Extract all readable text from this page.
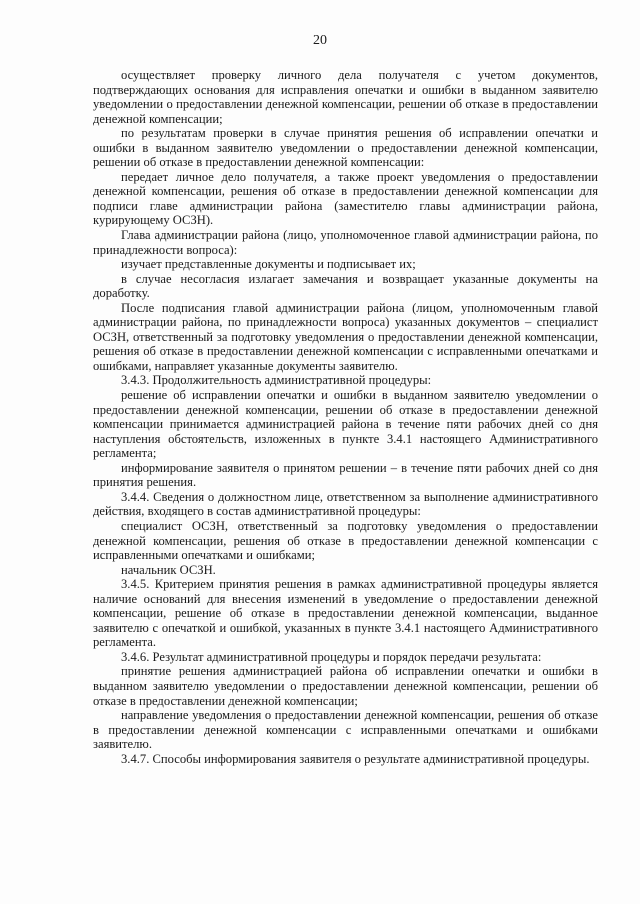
20

осуществляет проверку личного дела получателя с учетом документов, подтверждающих основания для исправления опечатки и ошибки в выданном заявителю уведомлении о предоставлении денежной компенсации, решении об отказе в предоставлении денежной компенсации;

по результатам проверки в случае принятия решения об исправлении опечатки и ошибки в выданном заявителю уведомлении о предоставлении денежной компенсации, решении об отказе в предоставлении денежной компенсации:

передает личное дело получателя, а также проект уведомления о предоставлении денежной компенсации, решения об отказе в предоставлении денежной компенсации для подписи главе администрации района (заместителю главы администрации района, курирующему ОСЗН).

Глава администрации района (лицо, уполномоченное главой администрации района, по принадлежности вопроса):

изучает представленные документы и подписывает их;

в случае несогласия излагает замечания и возвращает указанные документы на доработку.

После подписания главой администрации района (лицом, уполномоченным главой администрации района, по принадлежности вопроса) указанных документов – специалист ОСЗН, ответственный за подготовку уведомления о предоставлении денежной компенсации, решения об отказе в предоставлении денежной компенсации с исправленными опечатками и ошибками, направляет указанные документы заявителю.

3.4.3. Продолжительность административной процедуры:

решение об исправлении опечатки и ошибки в выданном заявителю уведомлении о предоставлении денежной компенсации, решении об отказе в предоставлении денежной компенсации принимается администрацией района в течение пяти рабочих дней со дня наступления обстоятельств, изложенных в пункте 3.4.1 настоящего Административного регламента;

информирование заявителя о принятом решении – в течение пяти рабочих дней со дня принятия решения.

3.4.4. Сведения о должностном лице, ответственном за выполнение административного действия, входящего в состав административной процедуры:

специалист ОСЗН, ответственный за подготовку уведомления о предоставлении денежной компенсации, решения об отказе в предоставлении денежной компенсации с исправленными опечатками и ошибками;

начальник ОСЗН.

3.4.5. Критерием принятия решения в рамках административной процедуры является наличие оснований для внесения изменений в уведомление о предоставлении денежной компенсации, решение об отказе в предоставлении денежной компенсации, выданное заявителю с опечаткой и ошибкой, указанных в пункте 3.4.1 настоящего Административного регламента.

3.4.6. Результат административной процедуры и порядок передачи результата:

принятие решения администрацией района об исправлении опечатки и ошибки в выданном заявителю уведомлении о предоставлении денежной компенсации, решении об отказе в предоставлении денежной компенсации;

направление уведомления о предоставлении денежной компенсации, решения об отказе в предоставлении денежной компенсации с исправленными опечатками и ошибками заявителю.

3.4.7. Способы информирования заявителя о результате административной процедуры.
